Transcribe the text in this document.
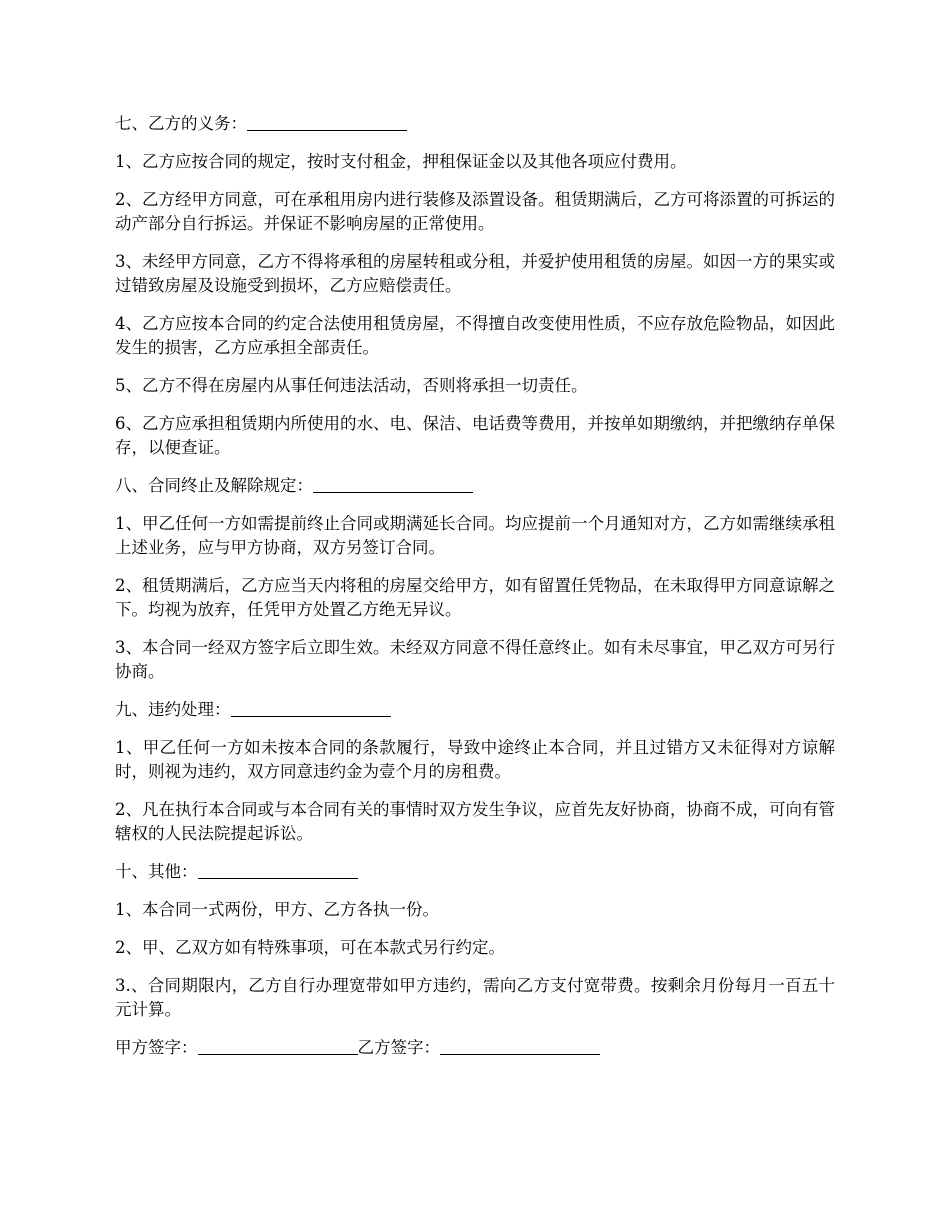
七、乙方的义务：

1、乙方应按合同的规定，按时支付租金，押租保证金以及其他各项应付费用。

2、乙方经甲方同意，可在承租用房内进行装修及添置设备。租赁期满后，乙方可将添置的可拆运的动产部分自行拆运。并保证不影响房屋的正常使用。

3、未经甲方同意，乙方不得将承租的房屋转租或分租，并爱护使用租赁的房屋。如因一方的果实或过错致房屋及设施受到损坏，乙方应赔偿责任。

4、乙方应按本合同的约定合法使用租赁房屋，不得擅自改变使用性质，不应存放危险物品，如因此发生的损害，乙方应承担全部责任。

5、乙方不得在房屋内从事任何违法活动，否则将承担一切责任。

6、乙方应承担租赁期内所使用的水、电、保洁、电话费等费用，并按单如期缴纳，并把缴纳存单保存，以便查证。

八、合同终止及解除规定：

1、甲乙任何一方如需提前终止合同或期满延长合同。均应提前一个月通知对方，乙方如需继续承租上述业务，应与甲方协商，双方另签订合同。

2、租赁期满后，乙方应当天内将租的房屋交给甲方，如有留置任凭物品，在未取得甲方同意谅解之下。均视为放弃，任凭甲方处置乙方绝无异议。

3、本合同一经双方签字后立即生效。未经双方同意不得任意终止。如有未尽事宜，甲乙双方可另行协商。

九、违约处理：

1、甲乙任何一方如未按本合同的条款履行，导致中途终止本合同，并且过错方又未征得对方谅解时，则视为违约，双方同意违约金为壹个月的房租费。

2、凡在执行本合同或与本合同有关的事情时双方发生争议，应首先友好协商，协商不成，可向有管辖权的人民法院提起诉讼。

十、其他：

1、本合同一式两份，甲方、乙方各执一份。

2、甲、乙双方如有特殊事项，可在本款式另行约定。

3.、合同期限内，乙方自行办理宽带如甲方违约，需向乙方支付宽带费。按剩余月份每月一百五十元计算。

甲方签字：	乙方签字：
